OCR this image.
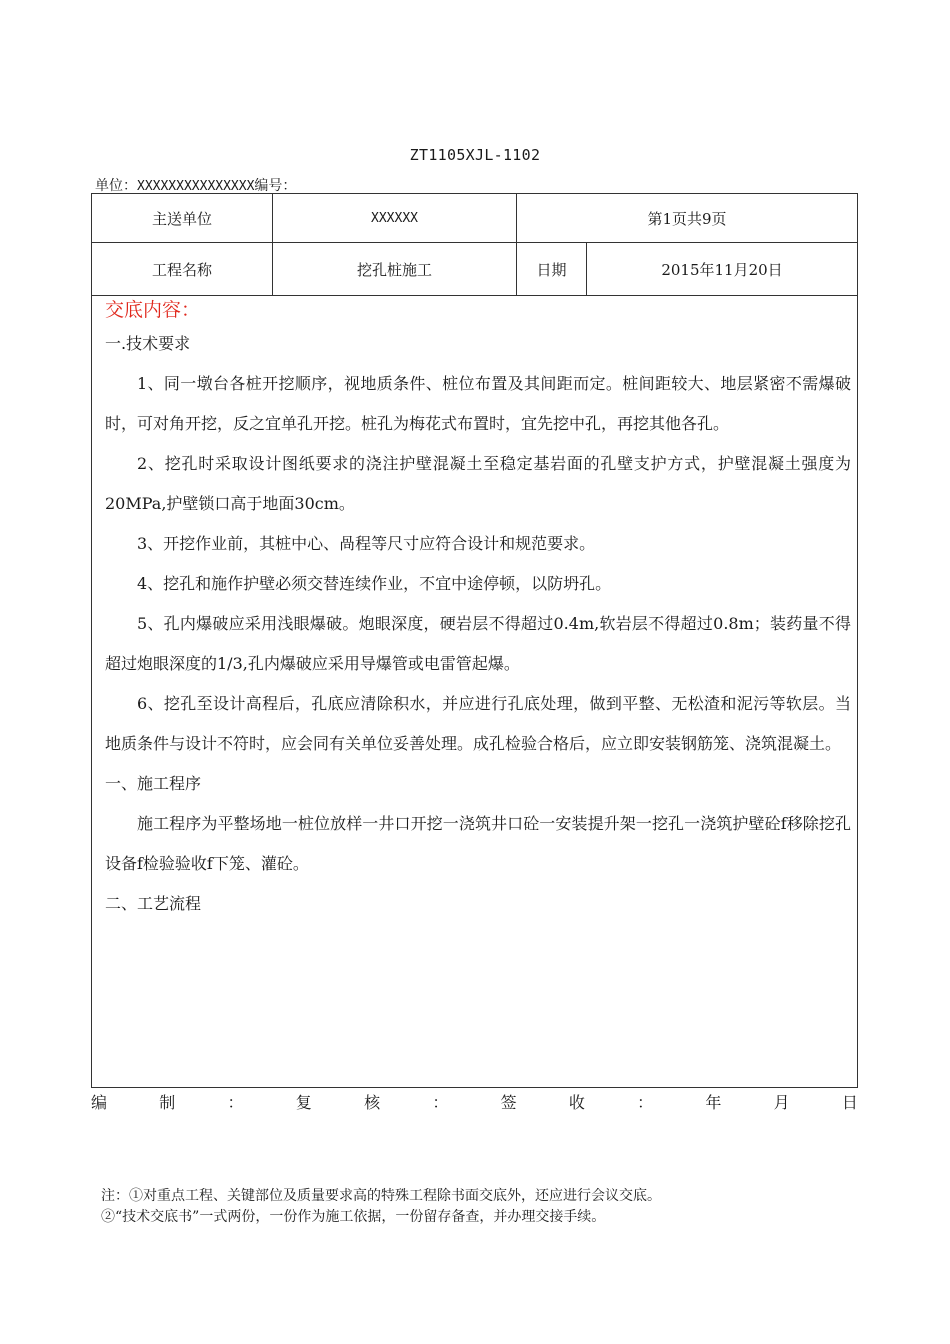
ZT1105XJL-1102
单位：XXXXXXXXXXXXXXX编号：
主送单位	XXXXXX	第1页共9页
工程名称	挖孔桩施工	日期	2015年11月20日

交底内容：

一.技术要求

1、同一墩台各桩开挖顺序，视地质条件、桩位布置及其间距而定。桩间距较大、地层紧密不需爆破时，可对角开挖，反之宜单孔开挖。桩孔为梅花式布置时，宜先挖中孔，再挖其他各孔。

2、挖孔时采取设计图纸要求的浇注护壁混凝土至稳定基岩面的孔壁支护方式，护壁混凝土强度为20MPa,护壁锁口高于地面30cm。

3、开挖作业前，其桩中心、咼程等尺寸应符合设计和规范要求。

4、挖孔和施作护壁必须交替连续作业，不宜中途停顿，以防坍孔。

5、孔内爆破应采用浅眼爆破。炮眼深度，硬岩层不得超过0.4m,软岩层不得超过0.8m；装药量不得超过炮眼深度的1/3,孔内爆破应采用导爆管或电雷管起爆。

6、挖孔至设计高程后，孔底应清除积水，并应进行孔底处理，做到平整、无松渣和泥污等软层。当地质条件与设计不符时，应会同有关单位妥善处理。成孔检验合格后，应立即安装钢筋笼、浇筑混凝土。

一、施工程序

施工程序为平整场地一桩位放样一井口开挖一浇筑井口砼一安装提升架一挖孔一浇筑护壁砼f移除挖孔设备f检验验收f下笼、灌砼。

二、工艺流程

编	制	：	复	核	：	签	收	：	年	月	日

注：①对重点工程、关键部位及质量要求高的特殊工程除书面交底外，还应进行会议交底。

②“技术交底书”一式两份，一份作为施工依据，一份留存备查，并办理交接手续。
